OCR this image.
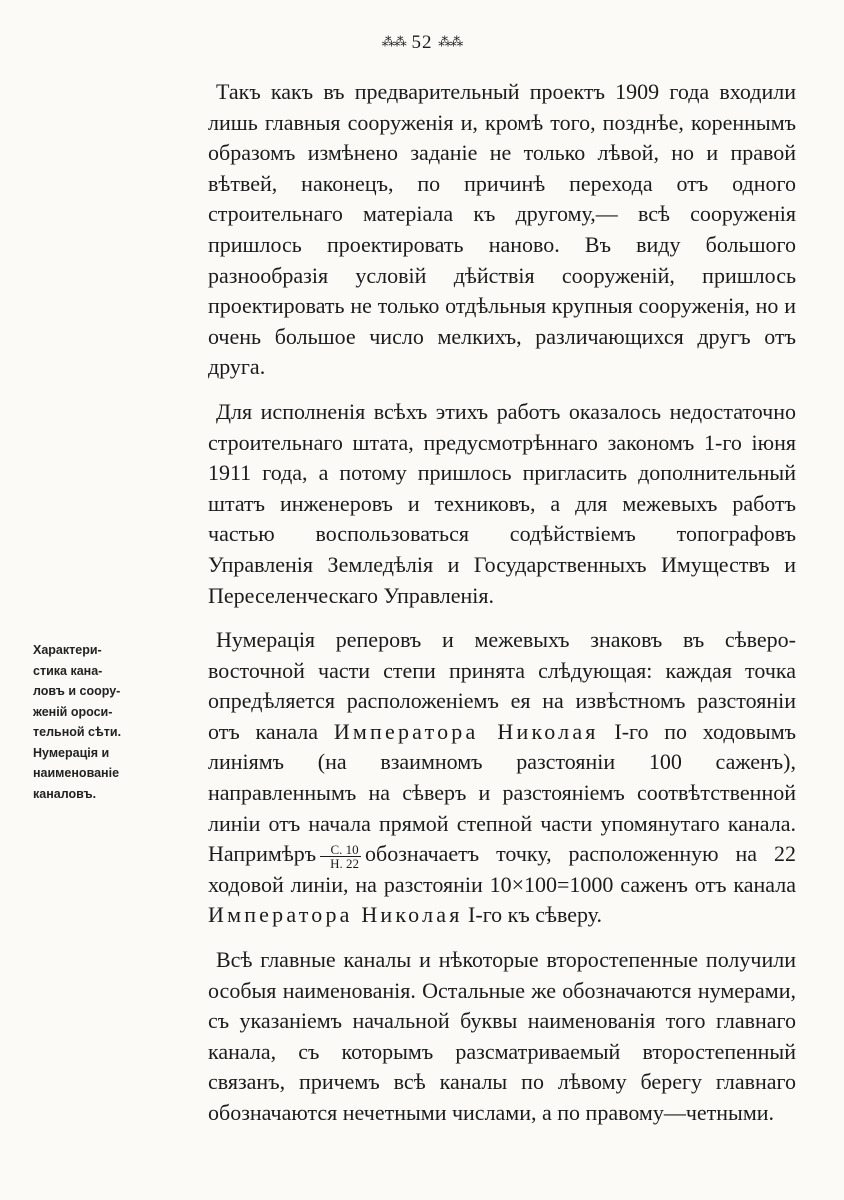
⁂⁂ 52 ⁂⁂

Такъ какъ въ предварительный проектъ 1909 года входили лишь главныя сооруженія и, кромѣ того, позднѣе, кореннымъ образомъ измѣнено заданіе не только лѣвой, но и правой вѣтвей, наконецъ, по причинѣ перехода отъ одного строительнаго матеріала къ другому,— всѣ сооруженія пришлось проектировать наново. Въ виду большого разнообразія условій дѣйствія сооруженій, пришлось проектировать не только отдѣльныя крупныя сооруженія, но и очень большое число мелкихъ, различающихся другъ отъ друга.

Для исполненія всѣхъ этихъ работъ оказалось недостаточно строительнаго штата, предусмотрѣннаго закономъ 1-го іюня 1911 года, а потому пришлось пригласить дополнительный штатъ инженеровъ и техниковъ, а для межевыхъ работъ частью воспользоваться содѣйствіемъ топографовъ Управленія Земледѣлія и Государственныхъ Имуществъ и Переселенческаго Управленія.

Характери-
стика кана-
ловъ и соору-
женій ороси-
тельной сѣти.
Нумерація и
наименованіе
каналовъ.

Нумерація реперовъ и межевыхъ знаковъ въ сѣверо-восточной части степи принята слѣдующая: каждая точка опредѣляется расположеніемъ ея на извѣстномъ разстояніи отъ канала Императора Николая I-го по ходовымъ линіямъ (на взаимномъ разстояніи 100 саженъ), направленнымъ на сѣверъ и разстояніемъ соотвѣтственной линіи отъ начала прямой степной части упомянутаго канала. Напримѣръ $\frac{С. 10}{Н. 22}$ обозначаетъ точку, расположенную на 22 ходовой линіи, на разстояніи 10×100=1000 саженъ отъ канала Императора Николая I-го къ сѣверу.

Всѣ главные каналы и нѣкоторые второстепенные получили особыя наименованія. Остальные же обозначаются нумерами, съ указаніемъ начальной буквы наименованія того главнаго канала, съ которымъ разсматриваемый второстепенный связанъ, причемъ всѣ каналы по лѣвому берегу главнаго обозначаются нечетными числами, а по правому—четными.
